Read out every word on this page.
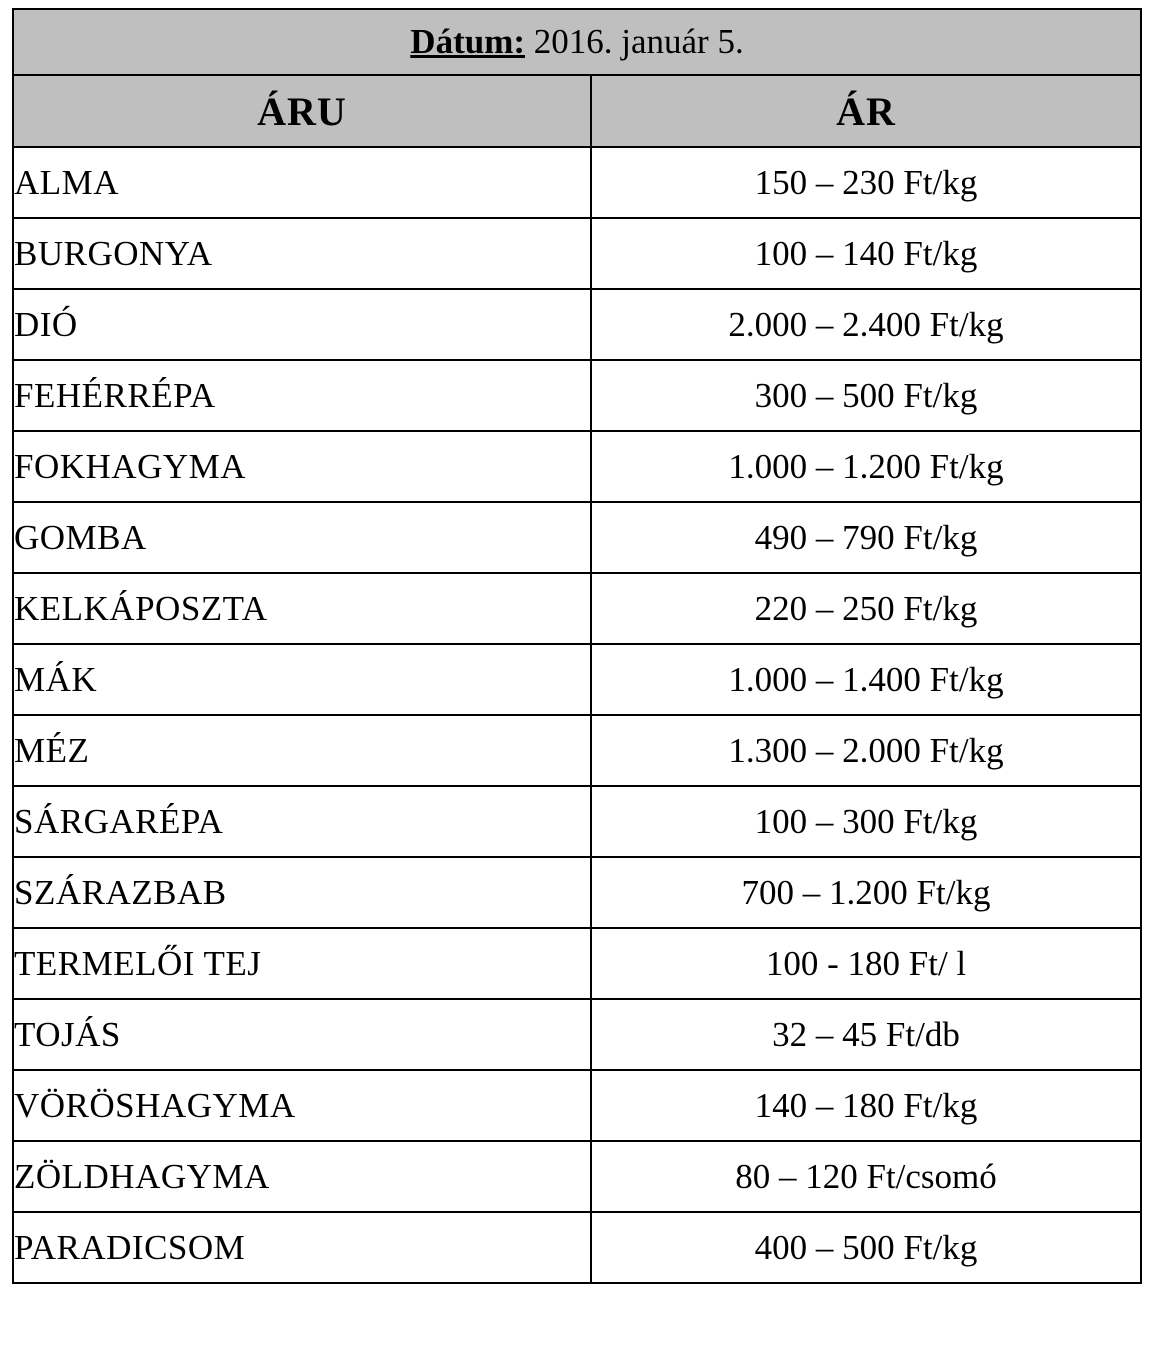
Dátum: 2016. január 5.	
ÁRU	ÁR
ALMA	150 – 230 Ft/kg
BURGONYA	100 – 140 Ft/kg
DIÓ	2.000 – 2.400 Ft/kg
FEHÉRRÉPA	300 – 500 Ft/kg
FOKHAGYMA	1.000 – 1.200 Ft/kg
GOMBA	490 – 790 Ft/kg
KELKÁPOSZTA	220 – 250 Ft/kg
MÁK	1.000 – 1.400 Ft/kg
MÉZ	1.300 – 2.000 Ft/kg
SÁRGARÉPA	100 – 300 Ft/kg
SZÁRAZBAB	700 – 1.200 Ft/kg
TERMELŐI TEJ	100 - 180 Ft/ l
TOJÁS	32 – 45 Ft/db
VÖRÖSHAGYMA	140 – 180 Ft/kg
ZÖLDHAGYMA	80 – 120 Ft/csomó
PARADICSOM	400 – 500 Ft/kg
